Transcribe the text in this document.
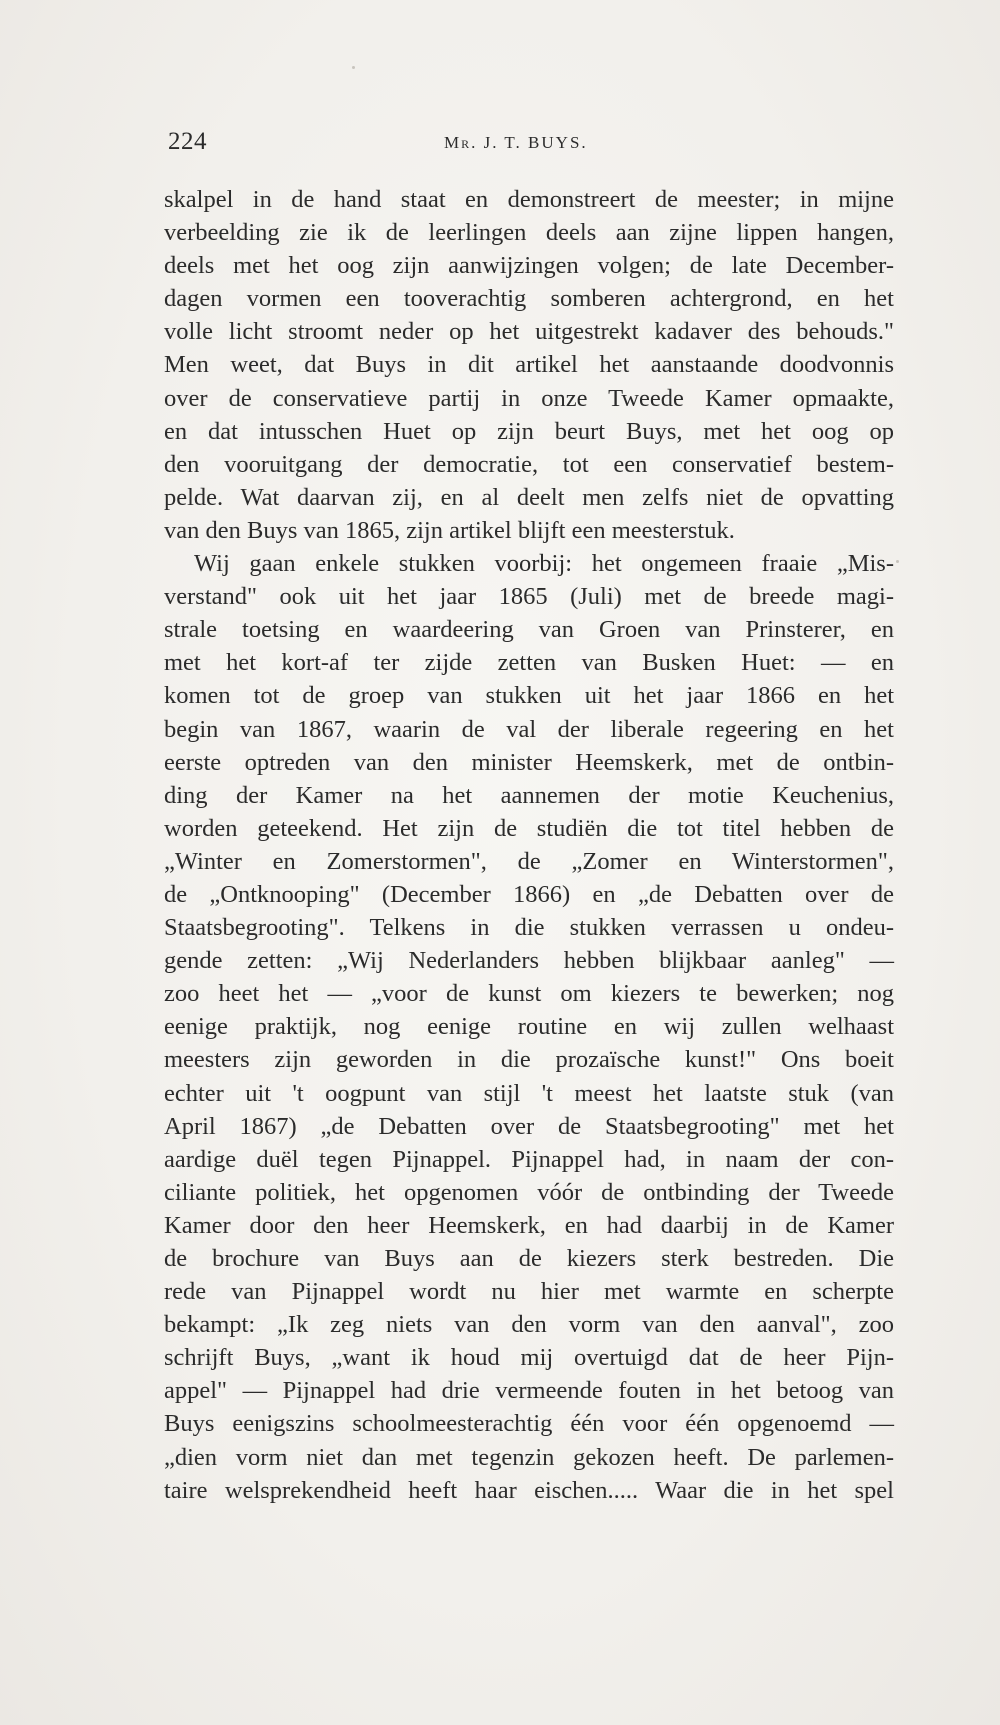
224	Mr. J. T. BUYS.
skalpel in de hand staat en demonstreert de meester; in mijne
verbeelding zie ik de leerlingen deels aan zijne lippen hangen,
deels met het oog zijn aanwijzingen volgen; de late December-
dagen vormen een tooverachtig somberen achtergrond, en het
volle licht stroomt neder op het uitgestrekt kadaver des behouds."
Men weet, dat Buys in dit artikel het aanstaande doodvonnis
over de conservatieve partij in onze Tweede Kamer opmaakte,
en dat intusschen Huet op zijn beurt Buys, met het oog op
den vooruitgang der democratie, tot een conservatief bestem-
pelde. Wat daarvan zij, en al deelt men zelfs niet de opvatting
van den Buys van 1865, zijn artikel blijft een meesterstuk.
Wij gaan enkele stukken voorbij: het ongemeen fraaie „Mis-
verstand" ook uit het jaar 1865 (Juli) met de breede magi-
strale toetsing en waardeering van Groen van Prinsterer, en
met het kort-af ter zijde zetten van Busken Huet: — en
komen tot de groep van stukken uit het jaar 1866 en het
begin van 1867, waarin de val der liberale regeering en het
eerste optreden van den minister Heemskerk, met de ontbin-
ding der Kamer na het aannemen der motie Keuchenius,
worden geteekend. Het zijn de studiën die tot titel hebben de
„Winter en Zomerstormen", de „Zomer en Winterstormen",
de „Ontknooping" (December 1866) en „de Debatten over de
Staatsbegrooting". Telkens in die stukken verrassen u ondeu-
gende zetten: „Wij Nederlanders hebben blijkbaar aanleg" —
zoo heet het — „voor de kunst om kiezers te bewerken; nog
eenige praktijk, nog eenige routine en wij zullen welhaast
meesters zijn geworden in die prozaïsche kunst!" Ons boeit
echter uit 't oogpunt van stijl 't meest het laatste stuk (van
April 1867) „de Debatten over de Staatsbegrooting" met het
aardige duël tegen Pijnappel. Pijnappel had, in naam der con-
ciliante politiek, het opgenomen vóór de ontbinding der Tweede
Kamer door den heer Heemskerk, en had daarbij in de Kamer
de brochure van Buys aan de kiezers sterk bestreden. Die
rede van Pijnappel wordt nu hier met warmte en scherpte
bekampt: „Ik zeg niets van den vorm van den aanval", zoo
schrijft Buys, „want ik houd mij overtuigd dat de heer Pijn-
appel" — Pijnappel had drie vermeende fouten in het betoog van
Buys eenigszins schoolmeesterachtig één voor één opgenoemd —
„dien vorm niet dan met tegenzin gekozen heeft. De parlemen-
taire welsprekendheid heeft haar eischen..... Waar die in het spel
